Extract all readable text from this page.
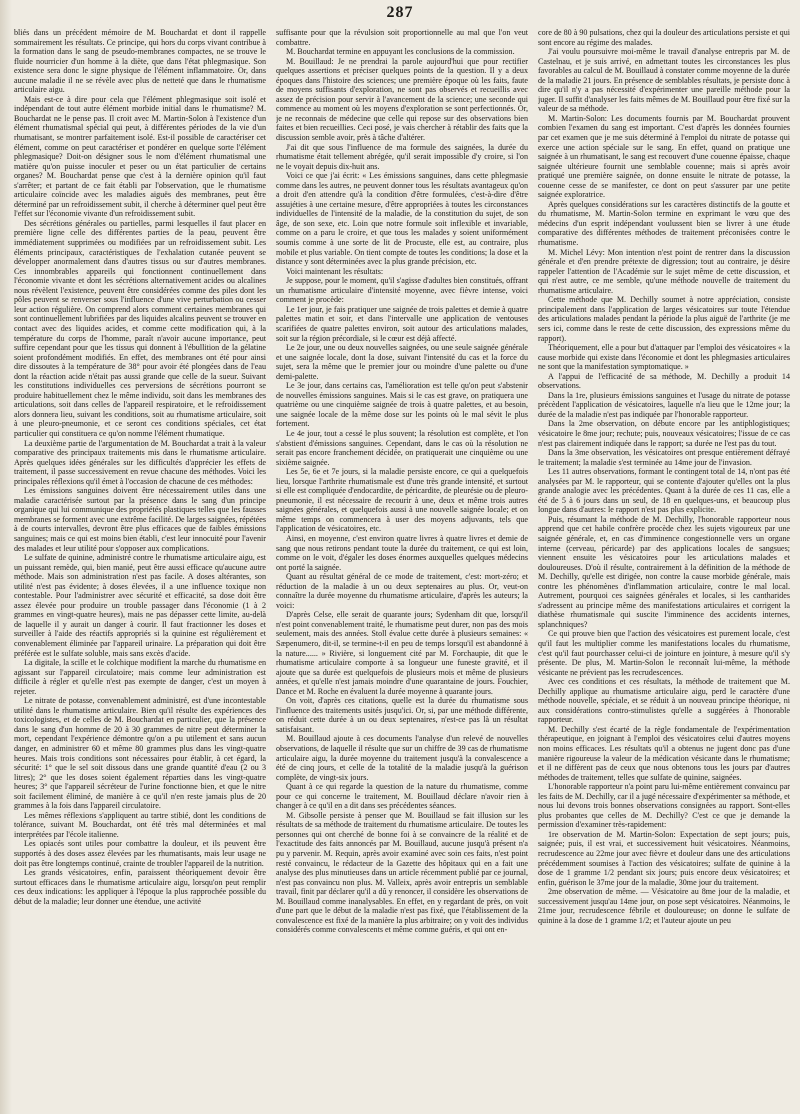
287

bliés dans un précédent mémoire de M. Bouchardat et dont il rappelle sommairement les résultats. Ce principe, qui hors du corps vivant contribue à la formation dans le sang de pseudo-membranes compactes, ne se trouve le fluide nourricier d'un homme à la diète, que dans l'état phlegmasique. Son existence sera donc le signe physique de l'élément inflammatoire. Or, dans aucune maladie il ne se révèle avec plus de netteté que dans le rhumatisme articulaire aigu.

Mais est-ce à dire pour cela que l'élément phlegmasique soit isolé et indépendant de tout autre élément morbide initial dans le rhumatisme? M. Bouchardat ne le pense pas. Il croit avec M. Martin-Solon à l'existence d'un élément rhumatismal spécial qui peut, à différentes périodes de la vie d'un rhumatisant, se montrer parfaitement isolé. Est-il possible de caractériser cet élément, comme on peut caractériser et pondérer en quelque sorte l'élément phlegmasique? Doit-on désigner sous le nom d'élément rhumatismal une matière qu'on puisse inoculer et peser ou un état particulier de certains organes? M. Bouchardat pense que c'est à la dernière opinion qu'il faut s'arrêter; et partant de ce fait établi par l'observation, que le rhumatisme articulaire coïncide avec les maladies aiguës des membranes, peut être déterminé par un refroidissement subit, il cherche à déterminer quel peut être l'effet sur l'économie vivante d'un refroidissement subit.

Des sécrétions générales ou partielles, parmi lesquelles il faut placer en première ligne celle des différentes parties de la peau, peuvent être immédiatement supprimées ou modifiées par un refroidissement subit. Les éléments principaux, caractéristiques de l'exhalation cutanée peuvent se développer anormalement dans d'autres tissus ou sur d'autres membranes. Ces innombrables appareils qui fonctionnent continuellement dans l'économie vivante et dont les sécrétions alternativement acides ou alcalines nous révèlent l'existence, peuvent être considérées comme des piles dont les pôles peuvent se renverser sous l'influence d'une vive perturbation ou cesser leur action régulière. On comprend alors comment certaines membranes qui sont continuellement lubrifiées par des liquides alcalins peuvent se trouver en contact avec des liquides acides, et comme cette modification qui, à la température du corps de l'homme, paraît n'avoir aucune importance, peut suffire cependant pour que les tissus qui donnent à l'ébullition de la gélatine soient profondément modifiés. En effet, des membranes ont été pour ainsi dire dissoutes à la température de 38° pour avoir été plongées dans de l'eau dont la réaction acide n'était pas aussi grande que celle de la sueur. Suivant les constitutions individuelles ces perversions de sécrétions pourront se produire habituellement chez le même individu, soit dans les membranes des articulations, soit dans celles de l'appareil respiratoire, et le refroidissement alors donnera lieu, suivant les conditions, soit au rhumatisme articulaire, soit à une pleuro-pneumonie, et ce seront ces conditions spéciales, cet état particulier qui constituera ce qu'on nomme l'élément rhumatique.

La deuxième partie de l'argumentation de M. Bouchardat a trait à la valeur comparative des principaux traitements mis dans le rhumatisme articulaire. Après quelques idées générales sur les difficultés d'apprécier les effets de traitement, il passe successivement en revue chacune des méthodes. Voici les principales réflexions qu'il émet à l'occasion de chacune de ces méthodes:

Les émissions sanguines doivent être nécessairement utiles dans une maladie caractérisée surtout par la présence dans le sang d'un principe organique qui lui communique des propriétés plastiques telles que les fausses membranes se forment avec une extrême facilité. De larges saignées, répétées à de courts intervalles, devront être plus efficaces que de faibles émissions sanguines; mais ce qui est moins bien établi, c'est leur innocuité pour l'avenir des malades et leur utilité pour s'opposer aux complications.

Le sulfate de quinine, administré contre le rhumatisme articulaire aigu, est un puissant remède, qui, bien manié, peut être aussi efficace qu'aucune autre méthode. Mais son administration n'est pas facile. A doses altérantes, son utilité n'est pas évidente; à doses élevées, il a une influence toxique non contestable. Pour l'administrer avec sécurité et efficacité, sa dose doit être assez élevée pour produire un trouble passager dans l'économie (1 à 2 grammes en vingt-quatre heures), mais ne pas dépasser cette limite, au-delà de laquelle il y aurait un danger à courir. Il faut fractionner les doses et surveiller à l'aide des réactifs appropriés si la quinine est régulièrement et convenablement éliminée par l'appareil urinaire. La préparation qui doit être préférée est le sulfate soluble, mais sans excès d'acide.

La digitale, la scille et le colchique modifient la marche du rhumatisme en agissant sur l'appareil circulatoire; mais comme leur administration est difficile à régler et qu'elle n'est pas exempte de danger, c'est un moyen à rejeter.

Le nitrate de potasse, convenablement administré, est d'une incontestable utilité dans le rhumatisme articulaire. Bien qu'il résulte des expériences des toxicologistes, et de celles de M. Bouchardat en particulier, que la présence dans le sang d'un homme de 20 à 30 grammes de nitre peut déterminer la mort, cependant l'expérience démontre qu'on a pu utilement et sans aucun danger, en administrer 60 et même 80 grammes plus dans les vingt-quatre heures. Mais trois conditions sont nécessaires pour établir, à cet égard, la sécurité: 1° que le sel soit dissous dans une grande quantité d'eau (2 ou 3 litres); 2° que les doses soient également réparties dans les vingt-quatre heures; 3° que l'appareil sécréteur de l'urine fonctionne bien, et que le nitre soit facilement éliminé, de manière à ce qu'il n'en reste jamais plus de 20 grammes à la fois dans l'appareil circulatoire.

Les mêmes réflexions s'appliquent au tartre stibié, dont les conditions de tolérance, suivant M. Bouchardat, ont été très mal déterminées et mal interprétées par l'école italienne.

Les opiacés sont utiles pour combattre la douleur, et ils peuvent être supportés à des doses assez élevées par les rhumatisants, mais leur usage ne doit pas être longtemps continué, crainte de troubler l'appareil de la nutrition.

Les grands vésicatoires, enfin, paraissent théoriquement devoir être surtout efficaces dans le rhumatisme articulaire aigu, lorsqu'on peut remplir ces deux indications: les appliquer à l'époque la plus rapprochée possible du début de la maladie; leur donner une étendue, une activité

suffisante pour que la révulsion soit proportionnelle au mal que l'on veut combattre.

M. Bouchardat termine en appuyant les conclusions de la commission.

M. Bouillaud: Je ne prendrai la parole aujourd'hui que pour rectifier quelques assertions et préciser quelques points de la question. Il y a deux époques dans l'histoire des sciences; une première époque où les faits, faute de moyens suffisants d'exploration, ne sont pas observés et recueillis avec assez de précision pour servir à l'avancement de la science; une seconde qui commence au moment où les moyens d'exploration se sont perfectionnés. Or, je ne reconnais de médecine que celle qui repose sur des observations bien faites et bien recueillies. Ceci posé, je vais chercher à rétablir des faits que la discussion semble avoir, près à tâche d'altérer.

J'ai dit que sous l'influence de ma formule des saignées, la durée du rhumatisme était tellement abrégée, qu'il serait impossible d'y croire, si l'on ne le voyait depuis dix-huit ans.

Voici ce que j'ai écrit: « Les émissions sanguines, dans cette phlegmasie comme dans les autres, ne peuvent donner tous les résultats avantageux qu'on a droit d'en attendre qu'à la condition d'être formulées, c'est-à-dire d'être assujéties à une certaine mesure, d'être appropriées à toutes les circonstances individuelles de l'intensité de la maladie, de la constitution du sujet, de son âge, de son sexe, etc. Loin que notre formule soit inflexible et invariable, comme on a paru le croire, et que tous les malades y soient uniformément soumis comme à une sorte de lit de Procuste, elle est, au contraire, plus mobile et plus variable. On tient compte de toutes les conditions; la dose et la distance y sont déterminées avec la plus grande précision, etc.

Voici maintenant les résultats:

Je suppose, pour le moment, qu'il s'agisse d'adultes bien constitués, offrant un rhumatisme articulaire d'intensité moyenne, avec fièvre intense, voici comment je procède:

Le 1er jour, je fais pratiquer une saignée de trois palettes et demie à quatre palettes matin et soir, et dans l'intervalle une application de ventouses scarifiées de quatre palettes environ, soit autour des articulations malades, soit sur la région précordiale, si le cœur est déjà affecté.

Le 2e jour, une ou deux nouvelles saignées, ou une seule saignée générale et une saignée locale, dont la dose, suivant l'intensité du cas et la force du sujet, sera la même que le premier jour ou moindre d'une palette ou d'une demi-palette.

Le 3e jour, dans certains cas, l'amélioration est telle qu'on peut s'abstenir de nouvelles émissions sanguines. Mais si le cas est grave, on pratiquera une quatrième ou une cinquième saignée de trois à quatre palettes, et au besoin, une saignée locale de la même dose sur les points où le mal sévit le plus fortement.

Le 4e jour, tout a cessé le plus souvent; la résolution est complète, et l'on s'abstient d'émissions sanguines. Cependant, dans le cas où la résolution ne serait pas encore franchement décidée, on pratiquerait une cinquième ou une sixième saignée.

Les 5e, 6e et 7e jours, si la maladie persiste encore, ce qui a quelquefois lieu, lorsque l'arthrite rhumatismale est d'une très grande intensité, et surtout si elle est compliquée d'endocardite, de péricardite, de pleurésie ou de pleuro-pneumonie, il est nécessaire de recourir à une, deux et même trois autres saignées générales, et quelquefois aussi à une nouvelle saignée locale; et on même temps on commencera à user des moyens adjuvants, tels que l'application de vésicatoires, etc.

Ainsi, en moyenne, c'est environ quatre livres à quatre livres et demie de sang que nous retirons pendant toute la durée du traitement, ce qui est loin, comme on le voit, d'égaler les doses énormes auxquelles quelques médecins ont porté la saignée.

Quant au résultat général de ce mode de traitement, c'est: mort-zéro; et réduction de la maladie à un ou deux septenaires au plus. Or, veut-on connaître la durée moyenne du rhumatisme articulaire, d'après les auteurs; la voici:

D'après Celse, elle serait de quarante jours; Sydenham dit que, lorsqu'il n'est point convenablement traité, le rhumatisme peut durer, non pas des mois seulement, mais des années. Stoll évalue cette durée à plusieurs semaines: « Sæpenumero, dit-il, se termine-t-il en peu de temps lorsqu'il est abandonné à la nature...... » Rivière, si longuement cité par M. Forchaupie, dit que le rhumatisme articulaire comporte à sa longueur une funeste gravité, et il ajoute que sa durée est quelquefois de plusieurs mois et même de plusieurs années, et qu'elle n'est jamais moindre d'une quarantaine de jours. Fouchier, Dance et M. Roche en évaluent la durée moyenne à quarante jours.

On voit, d'après ces citations, quelle est la durée du rhumatisme sous l'influence des traitements usités jusqu'ici. Or, si, par une méthode différente, on réduit cette durée à un ou deux septenaires, n'est-ce pas là un résultat satisfaisant.

M. Bouillaud ajoute à ces documents l'analyse d'un relevé de nouvelles observations, de laquelle il résulte que sur un chiffre de 39 cas de rhumatisme articulaire aigu, la durée moyenne du traitement jusqu'à la convalescence a été de cinq jours, et celle de la totalité de la maladie jusqu'à la guérison complète, de vingt-six jours.

Quant à ce qui regarde la question de la nature du rhumatisme, comme pour ce qui concerne le traitement, M. Bouillaud déclare n'avoir rien à changer à ce qu'il en a dit dans ses précédentes séances.

M. Gibsolle persiste à penser que M. Bouillaud se fait illusion sur les résultats de sa méthode de traitement du rhumatisme articulaire. De toutes les personnes qui ont cherché de bonne foi à se convaincre de la réalité et de l'exactitude des faits annoncés par M. Bouillaud, aucune jusqu'à présent n'a pu y parvenir. M. Requin, après avoir examiné avec soin ces faits, n'est point resté convaincu, le rédacteur de la Gazette des hôpitaux qui en a fait une analyse des plus minutieuses dans un article récemment publié par ce journal, n'est pas convaincu non plus. M. Valleix, après avoir entrepris un semblable travail, finit par déclarer qu'il a dû y renoncer, il considère les observations de M. Bouillaud comme inanalysables. En effet, en y regardant de près, on voit d'une part que le début de la maladie n'est pas fixé, que l'établissement de la convalescence est fixé de la manière la plus arbitraire; on y voit des individus considérés comme convalescents et même comme guéris, et qui ont en-

core de 80 à 90 pulsations, chez qui la douleur des articulations persiste et qui sont encore au régime des malades.

J'ai voulu poursuivre moi-même le travail d'analyse entrepris par M. de Castelnau, et je suis arrivé, en admettant toutes les circonstances les plus favorables au calcul de M. Bouillaud à constater comme moyenne de la durée de la maladie 21 jours. En présence de semblables résultats, je persiste donc à dire qu'il n'y a pas nécessité d'expérimenter une pareille méthode pour la juger. Il suffit d'analyser les faits mêmes de M. Bouillaud pour être fixé sur la valeur de sa méthode.

M. Martin-Solon: Les documents fournis par M. Bouchardat prouvent combien l'examen du sang est important. C'est d'après les données fournies par cet examen que je me suis déterminé à l'emploi du nitrate de potasse qui exerce une action spéciale sur le sang. En effet, quand on pratique une saignée à un rhumatisant, le sang est recouvert d'une couenne épaisse, chaque saignée ultérieure fournit une semblable couenne; mais si après avoir pratiqué une première saignée, on donne ensuite le nitrate de potasse, la couenne cesse de se manifester, ce dont on peut s'assurer par une petite saignée exploratrice.

Après quelques considérations sur les caractères distinctifs de la goutte et du rhumatisme, M. Martin-Solon termine en exprimant le vœu que des médecins d'un esprit indépendant voulussent bien se livrer à une étude comparative des différentes méthodes de traitement préconisées contre le rhumatisme.

M. Michel Lévy: Mon intention n'est point de rentrer dans la discussion générale et d'en prendre prétexte de digression; tout au contraire, je désire rappeler l'attention de l'Académie sur le sujet même de cette discussion, et qui n'est autre, ce me semble, qu'une méthode nouvelle de traitement du rhumatisme articulaire.

Cette méthode que M. Dechilly soumet à notre appréciation, consiste principalement dans l'application de larges vésicatoires sur toute l'étendue des articulations malades pendant la période la plus aiguë de l'arthrite (je me sers ici, comme dans le reste de cette discussion, des expressions même du rapport).

Théoriquement, elle a pour but d'attaquer par l'emploi des vésicatoires « la cause morbide qui existe dans l'économie et dont les phlegmasies articulaires ne sont que la manifestation symptomatique. »

A l'appui de l'efficacité de sa méthode, M. Dechilly a produit 14 observations.

Dans la 1re, plusieurs émissions sanguines et l'usage du nitrate de potasse précèdent l'application de vésicatoires, laquelle n'a lieu que le 12me jour; la durée de la maladie n'est pas indiquée par l'honorable rapporteur.

Dans la 2me observation, on débute encore par les antiphlogistiques; vésicatoire le 8me jour; rechute; puis, nouveaux vésicatoires; l'issue de ce cas n'est pas clairement indiquée dans le rapport; sa durée ne l'est pas du tout.

Dans la 3me observation, les vésicatoires ont presque entièrement défrayé le traitement; la maladie s'est terminée au 14me jour de l'invasion.

Les 11 autres observations, formant le contingent total de 14, n'ont pas été analysées par M. le rapporteur, qui se contente d'ajouter qu'elles ont la plus grande analogie avec les précédentes. Quant à la durée de ces 11 cas, elle a été de 5 à 6 jours dans un seul, de 18 en quelques-uns, et beaucoup plus longue dans d'autres: le rapport n'est pas plus explicite.

Puis, résumant la méthode de M. Dechilly, l'honorable rapporteur nous apprend que cet habile confrère procède chez les sujets vigoureux par une saignée générale, et, en cas d'imminence congestionnelle vers un organe interne (cerveau, péricarde) par des applications locales de sangsues; viennent ensuite les vésicatoires pour les articulations malades et douloureuses. D'où il résulte, contrairement à la définition de la méthode de M. Dechilly, qu'elle est dirigée, non contre la cause morbide générale, mais contre les phénomènes d'inflammation articulaire, contre le mal local. Autrement, pourquoi ces saignées générales et locales, si les cantharides s'adressent au principe même des manifestations articulaires et corrigent la diathèse rhumatismale qui suscite l'imminence des accidents internes, splanchniques?

Ce qui prouve bien que l'action des vésicatoires est purement locale, c'est qu'il faut les multiplier comme les manifestations locales du rhumatisme, c'est qu'il faut pourchasser celui-ci de jointure en jointure, à mesure qu'il s'y présente. De plus, M. Martin-Solon le reconnaît lui-même, la méthode vésicante ne prévient pas les recrudescences.

Avec ces conditions et ces résultats, la méthode de traitement que M. Dechilly applique au rhumatisme articulaire aigu, perd le caractère d'une méthode nouvelle, spéciale, et se réduit à un nouveau principe théorique, ni aux considérations contro-stimulistes qu'elle a suggérées à l'honorable rapporteur.

M. Dechilly s'est écarté de la règle fondamentale de l'expérimentation thérapeutique, en joignant à l'emploi des vésicatoires celui d'autres moyens non moins efficaces. Les résultats qu'il a obtenus ne jugent donc pas d'une manière rigoureuse la valeur de la médication vésicante dans le rhumatisme; et il ne diffèrent pas de ceux que nous obtenons tous les jours par d'autres méthodes de traitement, telles que sulfate de quinine, saignées.

L'honorable rapporteur n'a point paru lui-même entièrement convaincu par les faits de M. Dechilly, car il a jugé nécessaire d'expérimenter sa méthode, et nous lui devons trois bonnes observations consignées au rapport. Sont-elles plus probantes que celles de M. Dechilly? C'est ce que je demande la permission d'examiner très-rapidement:

1re observation de M. Martin-Solon: Expectation de sept jours; puis, saignée; puis, il est vrai, et successivement huit vésicatoires. Néanmoins, recrudescence au 22me jour avec fièvre et douleur dans une des articulations précédemment soumises à l'action des vésicatoires; sulfate de quinine à la dose de 1 gramme 1/2 pendant six jours; puis encore deux vésicatoires; et enfin, guérison le 37me jour de la maladie, 30me jour du traitement.

2me observation de même. — Vésicatoire au 8me jour de la maladie, et successivement jusqu'au 14me jour, on pose sept vésicatoires. Néanmoins, le 21me jour, recrudescence fébrile et douloureuse; on donne le sulfate de quinine à la dose de 1 gramme 1/2; et l'auteur ajoute un peu
